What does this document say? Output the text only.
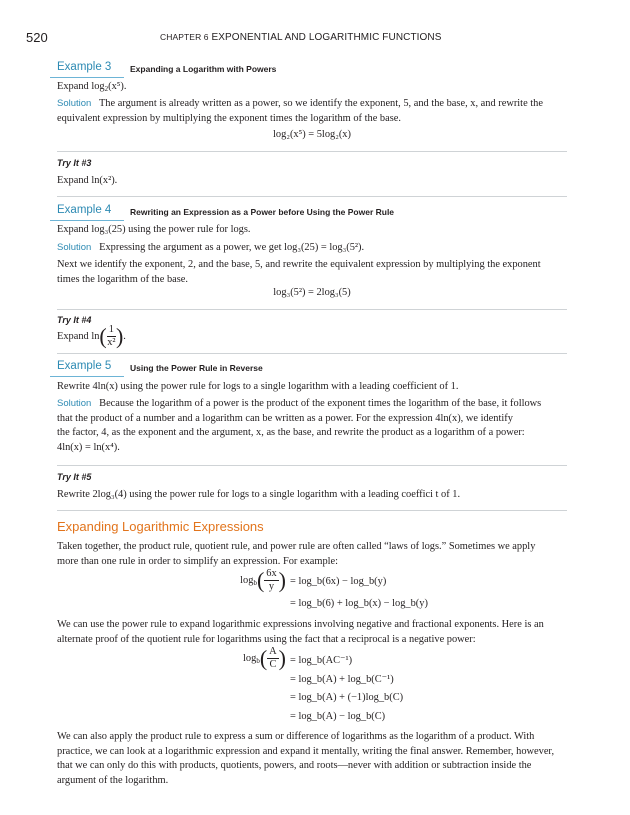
520	CHAPTER 6 EXPONENTIAL AND LOGARITHMIC FUNCTIONS
Example 3 Expanding a Logarithm with Powers
Expand $\log_2(x^5)$.
Solution The argument is already written as a power, so we identify the exponent, 5, and the base, x, and rewrite the
equivalent expression by multiplying the exponent times the logarithm of the base.
log₂(x⁵) = 5log₂(x)
Try It #3
Expand ln(x²).
Example 4 Rewriting an Expression as a Power before Using the Power Rule
Expand log₃(25) using the power rule for logs.
Solution Expressing the argument as a power, we get log₃(25) = log₃(5²).
Next we identify the exponent, 2, and the base, 5, and rewrite the equivalent expression by multiplying the exponent
times the logarithm of the base.
log₃(5²) = 2log₃(5)
Try It #4
Expand $\ln( \frac{1}{\text{x²}}$ ).
Example 5 Using the Power Rule in Reverse
Rewrite 4ln(x) using the power rule for logs to a single logarithm with a leading coefficient of 1.
Solution Because the logarithm of a power is the product of the exponent times the logarithm of the base, it follows
that the product of a number and a logarithm can be written as a power. For the expression 4ln(x), we identify
the factor, 4, as the exponent and the argument, x, as the base, and rewrite the product as a logarithm of a power:
4ln(x) = ln(x⁴).
Try It #5
Rewrite 2log₃(4) using the power rule for logs to a single logarithm with a leading coeffici t of 1.
Expanding Logarithmic Expressions
Taken together, the product rule, quotient rule, and power rule are often called “laws of logs.” Sometimes we apply
more than one rule in order to simplify an expression. For example:
$\log_b( \frac{6x}{y}$ ) = log_b(6x) − log_b(y)
= log_b(6) + log_b(x) − log_b(y)
We can use the power rule to expand logarithmic expressions involving negative and fractional exponents. Here is an
alternate proof of the quotient rule for logarithms using the fact that a reciprocal is a negative power:
$\log_b( \frac{A}{C}$ ) = log_b(AC⁻¹)
= log_b(A) + log_b(C⁻¹)
= log_b(A) + (−1)log_b(C)
= log_b(A) − log_b(C)
We can also apply the product rule to express a sum or difference of logarithms as the logarithm of a product. With
practice, we can look at a logarithmic expression and expand it mentally, writing the final answer. Remember, however,
that we can only do this with products, quotients, powers, and roots—never with addition or subtraction inside the
argument of the logarithm.
